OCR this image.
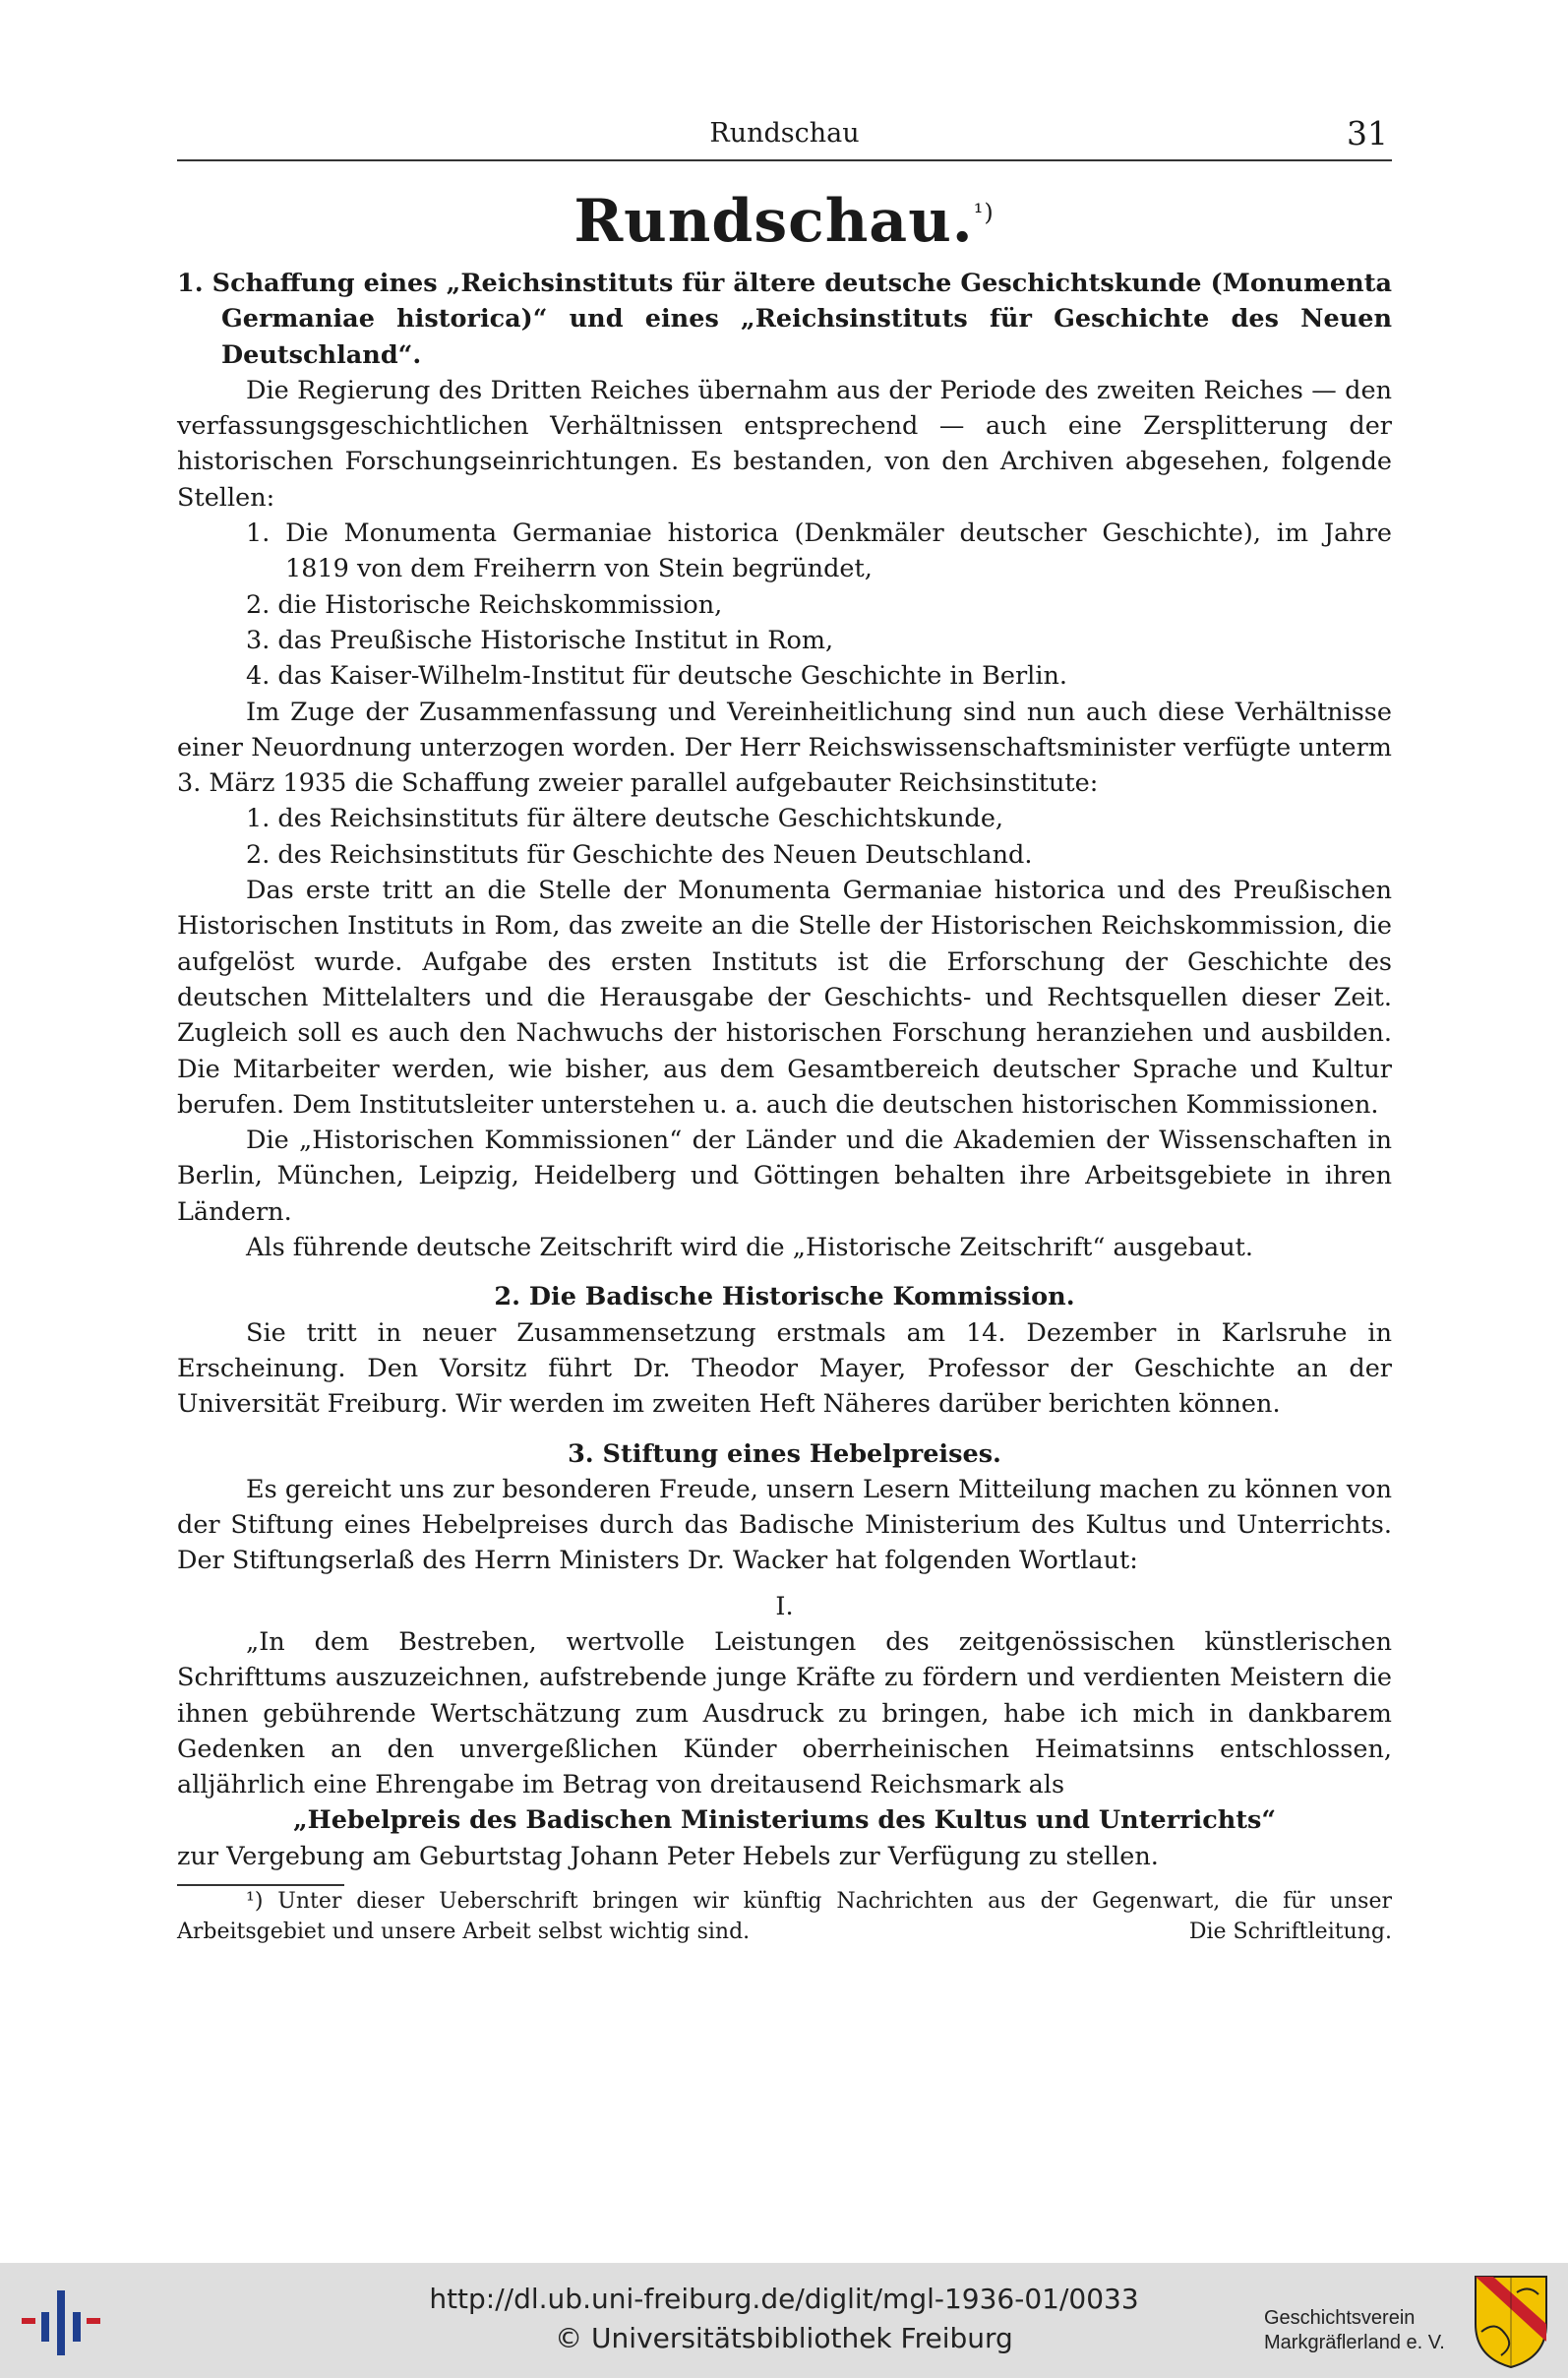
Rundschau	31
Rundschau.$^{^1)}$

1. Schaffung eines „Reichsinstituts für ältere deutsche Geschichtskunde (Monumenta Germaniae historica)“ und eines „Reichsinstituts für Geschichte des Neuen Deutschland“.

Die Regierung des Dritten Reiches übernahm aus der Periode des zweiten Reiches — den verfassungsgeschichtlichen Verhältnissen entsprechend — auch eine Zersplitterung der historischen Forschungseinrichtungen. Es bestanden, von den Archiven abgesehen, folgende Stellen:

1. Die Monumenta Germaniae historica (Denkmäler deutscher Geschichte), im Jahre 1819 von dem Freiherrn von Stein begründet,

2. die Historische Reichskommission,

3. das Preußische Historische Institut in Rom,

4. das Kaiser-Wilhelm-Institut für deutsche Geschichte in Berlin.

Im Zuge der Zusammenfassung und Vereinheitlichung sind nun auch diese Verhältnisse einer Neuordnung unterzogen worden. Der Herr Reichswissenschaftsminister verfügte unterm 3. März 1935 die Schaffung zweier parallel aufgebauter Reichsinstitute:

1. des Reichsinstituts für ältere deutsche Geschichtskunde,

2. des Reichsinstituts für Geschichte des Neuen Deutschland.

Das erste tritt an die Stelle der Monumenta Germaniae historica und des Preußischen Historischen Instituts in Rom, das zweite an die Stelle der Historischen Reichskommission, die aufgelöst wurde. Aufgabe des ersten Instituts ist die Erforschung der Geschichte des deutschen Mittelalters und die Herausgabe der Geschichts- und Rechtsquellen dieser Zeit. Zugleich soll es auch den Nachwuchs der historischen Forschung heranziehen und ausbilden. Die Mitarbeiter werden, wie bisher, aus dem Gesamtbereich deutscher Sprache und Kultur berufen. Dem Institutsleiter unterstehen u. a. auch die deutschen historischen Kommissionen.

Die „Historischen Kommissionen“ der Länder und die Akademien der Wissenschaften in Berlin, München, Leipzig, Heidelberg und Göttingen behalten ihre Arbeitsgebiete in ihren Ländern.

Als führende deutsche Zeitschrift wird die „Historische Zeitschrift“ ausgebaut.

2. Die Badische Historische Kommission.

Sie tritt in neuer Zusammensetzung erstmals am 14. Dezember in Karlsruhe in Erscheinung. Den Vorsitz führt Dr. Theodor Mayer, Professor der Geschichte an der Universität Freiburg. Wir werden im zweiten Heft Näheres darüber berichten können.

3. Stiftung eines Hebelpreises.

Es gereicht uns zur besonderen Freude, unsern Lesern Mitteilung machen zu können von der Stiftung eines Hebelpreises durch das Badische Ministerium des Kultus und Unterrichts. Der Stiftungserlaß des Herrn Ministers Dr. Wacker hat folgenden Wortlaut:

I.

„In dem Bestreben, wertvolle Leistungen des zeitgenössischen künstlerischen Schrifttums auszuzeichnen, aufstrebende junge Kräfte zu fördern und verdienten Meistern die ihnen gebührende Wertschätzung zum Ausdruck zu bringen, habe ich mich in dankbarem Gedenken an den unvergeßlichen Künder oberrheinischen Heimatsinns entschlossen, alljährlich eine Ehrengabe im Betrag von dreitausend Reichsmark als

„Hebelpreis des Badischen Ministeriums des Kultus und Unterrichts“

zur Vergebung am Geburtstag Johann Peter Hebels zur Verfügung zu stellen.

¹) Unter dieser Ueberschrift bringen wir künftig Nachrichten aus der Gegenwart, die für unser Arbeitsgebiet und unsere Arbeit selbst wichtig sind.	Die Schriftleitung.

http://dl.ub.uni-freiburg.de/diglit/mgl-1936-01/0033
© Universitätsbibliothek Freiburg
Geschichtsverein
Markgräflerland e. V.
